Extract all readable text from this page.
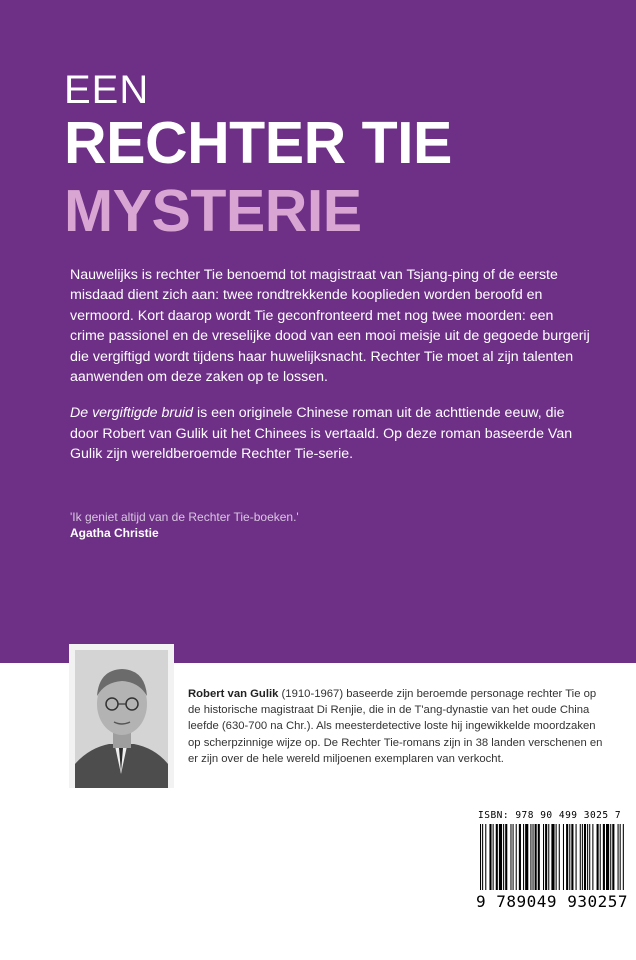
EEN
RECHTER TIE
MYSTERIE

Nauwelijks is rechter Tie benoemd tot magistraat van Tsjang-ping of de eerste misdaad dient zich aan: twee rondtrekkende kooplieden worden beroofd en vermoord. Kort daarop wordt Tie geconfronteerd met nog twee moorden: een crime passionel en de vreselijke dood van een mooi meisje uit de gegoede burgerij die vergiftigd wordt tijdens haar huwelijksnacht. Rechter Tie moet al zijn talenten aanwenden om deze zaken op te lossen.

De vergiftigde bruid is een originele Chinese roman uit de achttiende eeuw, die door Robert van Gulik uit het Chinees is vertaald. Op deze roman baseerde Van Gulik zijn wereldberoemde Rechter Tie-serie.

'Ik geniet altijd van de Rechter Tie-boeken.'
Agatha Christie
Robert van Gulik (1910-1967) baseerde zijn beroemde personage rechter Tie op de historische magistraat Di Renjie, die in de T'ang-dynastie van het oude China leefde (630-700 na Chr.). Als meesterdetective loste hij ingewikkelde moordzaken op scherpzinnige wijze op. De Rechter Tie-romans zijn in 38 landen verschenen en er zijn over de hele wereld miljoenen exemplaren van verkocht.
ISBN: 978 90 499 3025 7
9 789049 930257
